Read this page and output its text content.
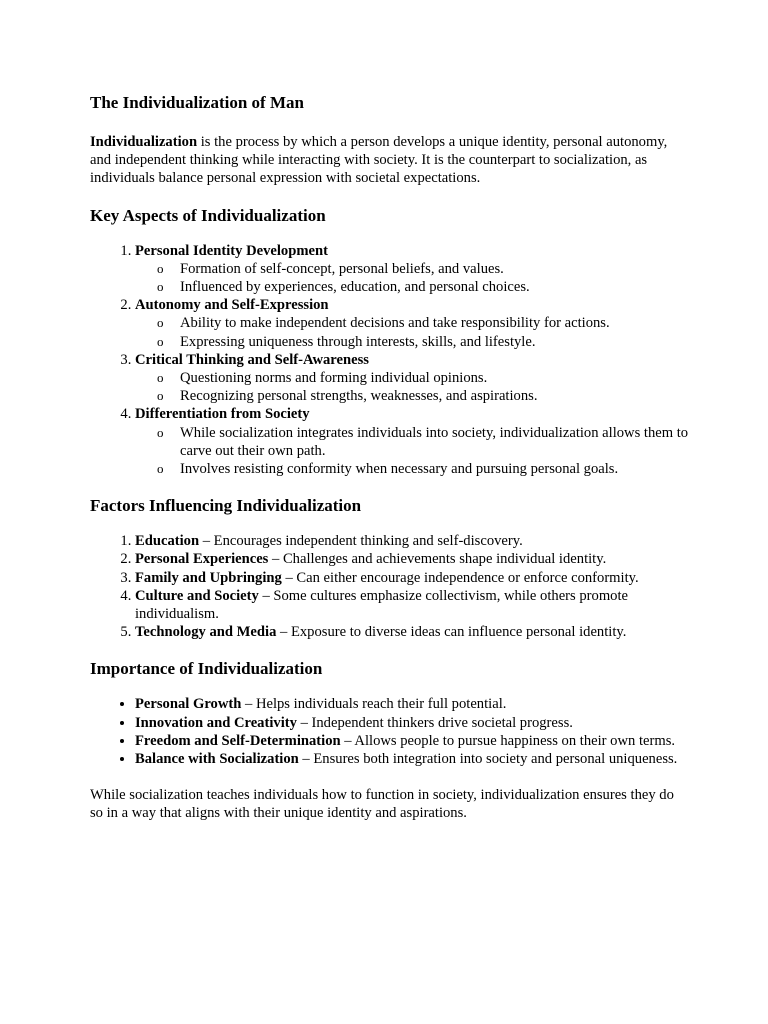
The Individualization of Man

Individualization is the process by which a person develops a unique identity, personal autonomy, and independent thinking while interacting with society. It is the counterpart to socialization, as individuals balance personal expression with societal expectations.

Key Aspects of Individualization
1. Personal Identity Development
o Formation of self-concept, personal beliefs, and values.
o Influenced by experiences, education, and personal choices.
2. Autonomy and Self-Expression
o Ability to make independent decisions and take responsibility for actions.
o Expressing uniqueness through interests, skills, and lifestyle.
3. Critical Thinking and Self-Awareness
o Questioning norms and forming individual opinions.
o Recognizing personal strengths, weaknesses, and aspirations.
4. Differentiation from Society
o While socialization integrates individuals into society, individualization allows them to carve out their own path.
o Involves resisting conformity when necessary and pursuing personal goals.
Factors Influencing Individualization
1. Education – Encourages independent thinking and self-discovery.
2. Personal Experiences – Challenges and achievements shape individual identity.
3. Family and Upbringing – Can either encourage independence or enforce conformity.
4. Culture and Society – Some cultures emphasize collectivism, while others promote individualism.
5. Technology and Media – Exposure to diverse ideas can influence personal identity.
Importance of Individualization
• Personal Growth – Helps individuals reach their full potential.
• Innovation and Creativity – Independent thinkers drive societal progress.
• Freedom and Self-Determination – Allows people to pursue happiness on their own terms.
• Balance with Socialization – Ensures both integration into society and personal uniqueness.

While socialization teaches individuals how to function in society, individualization ensures they do so in a way that aligns with their unique identity and aspirations.
